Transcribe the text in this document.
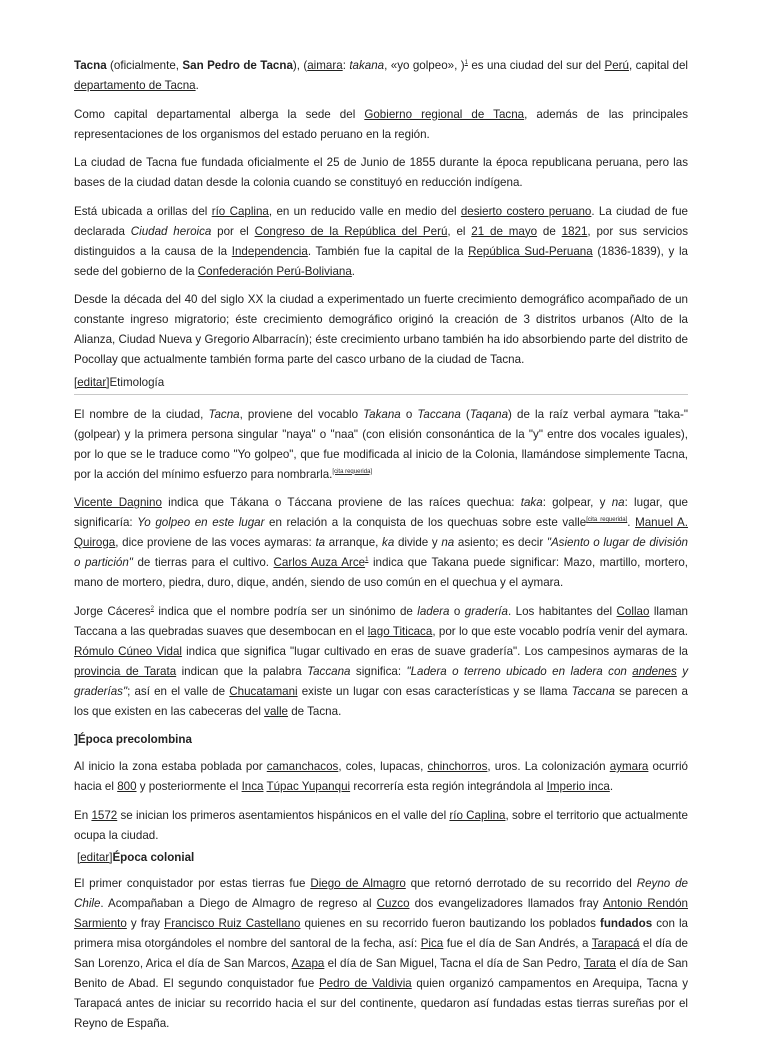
Tacna (oficialmente, San Pedro de Tacna), (aimara: takana, «yo golpeo», )$^1$ es una ciudad del sur del Perú, capital del departamento de Tacna.

Como capital departamental alberga la sede del Gobierno regional de Tacna, además de las principales representaciones de los organismos del estado peruano en la región.

La ciudad de Tacna fue fundada oficialmente el 25 de Junio de 1855 durante la época republicana peruana, pero las bases de la ciudad datan desde la colonia cuando se constituyó en reducción indígena.

Está ubicada a orillas del río Caplina, en un reducido valle en medio del desierto costero peruano. La ciudad de fue declarada Ciudad heroica por el Congreso de la República del Perú, el 21 de mayo de 1821, por sus servicios distinguidos a la causa de la Independencia. También fue la capital de la República Sud-Peruana (1836-1839), y la sede del gobierno de la Confederación Perú-Boliviana.

Desde la década del 40 del siglo XX la ciudad a experimentado un fuerte crecimiento demográfico acompañado de un constante ingreso migratorio; éste crecimiento demográfico originó la creación de 3 distritos urbanos (Alto de la Alianza, Ciudad Nueva y Gregorio Albarracín); éste crecimiento urbano también ha ido absorbiendo parte del distrito de Pocollay que actualmente también forma parte del casco urbano de la ciudad de Tacna.

[editar]Etimología

El nombre de la ciudad, Tacna, proviene del vocablo Takana o Taccana (Taqana) de la raíz verbal aymara "taka-" (golpear) y la primera persona singular "naya" o "naa" (con elisión consonántica de la "y" entre dos vocales iguales), por lo que se le traduce como "Yo golpeo", que fue modificada al inicio de la Colonia, llamándose simplemente Tacna, por la acción del mínimo esfuerzo para nombrarla.[cita requerida]

Vicente Dagnino indica que Tákana o Táccana proviene de las raíces quechua: taka: golpear, y na: lugar, que significaría: Yo golpeo en este lugar en relación a la conquista de los quechuas sobre este valle[cita requerida]. Manuel A. Quiroga, dice proviene de las voces aymaras: ta arranque, ka divide y na asiento; es decir "Asiento o lugar de división o partición" de tierras para el cultivo. Carlos Auza Arce$^1$ indica que Takana puede significar: Mazo, martillo, mortero, mano de mortero, piedra, duro, dique, andén, siendo de uso común en el quechua y el aymara.

Jorge Cáceres$^2$ indica que el nombre podría ser un sinónimo de ladera o gradería. Los habitantes del Collao llaman Taccana a las quebradas suaves que desembocan en el lago Titicaca, por lo que este vocablo podría venir del aymara. Rómulo Cúneo Vidal indica que significa "lugar cultivado en eras de suave gradería". Los campesinos aymaras de la provincia de Tarata indican que la palabra Taccana significa: "Ladera o terreno ubicado en ladera con andenes y graderías"; así en el valle de Chucatamani existe un lugar con esas características y se llama Taccana se parecen a los que existen en las cabeceras del valle de Tacna.

]Época precolombina

Al inicio la zona estaba poblada por camanchacos, coles, lupacas, chinchorros, uros. La colonización aymara ocurrió hacia el 800 y posteriormente el Inca Túpac Yupanqui recorrería esta región integrándola al Imperio inca.

En 1572 se inician los primeros asentamientos hispánicos en el valle del río Caplina, sobre el territorio que actualmente ocupa la ciudad.

[editar]Época colonial

El primer conquistador por estas tierras fue Diego de Almagro que retornó derrotado de su recorrido del Reyno de Chile. Acompañaban a Diego de Almagro de regreso al Cuzco dos evangelizadores llamados fray Antonio Rendón Sarmiento y fray Francisco Ruiz Castellano quienes en su recorrido fueron bautizando los poblados fundados con la primera misa otorgándoles el nombre del santoral de la fecha, así: Pica fue el día de San Andrés, a Tarapacá el día de San Lorenzo, Arica el día de San Marcos, Azapa el día de San Miguel, Tacna el día de San Pedro, Tarata el día de San Benito de Abad. El segundo conquistador fue Pedro de Valdivia quien organizó campamentos en Arequipa, Tacna y Tarapacá antes de iniciar su recorrido hacia el sur del continente, quedaron así fundadas estas tierras sureñas por el Reyno de España.
